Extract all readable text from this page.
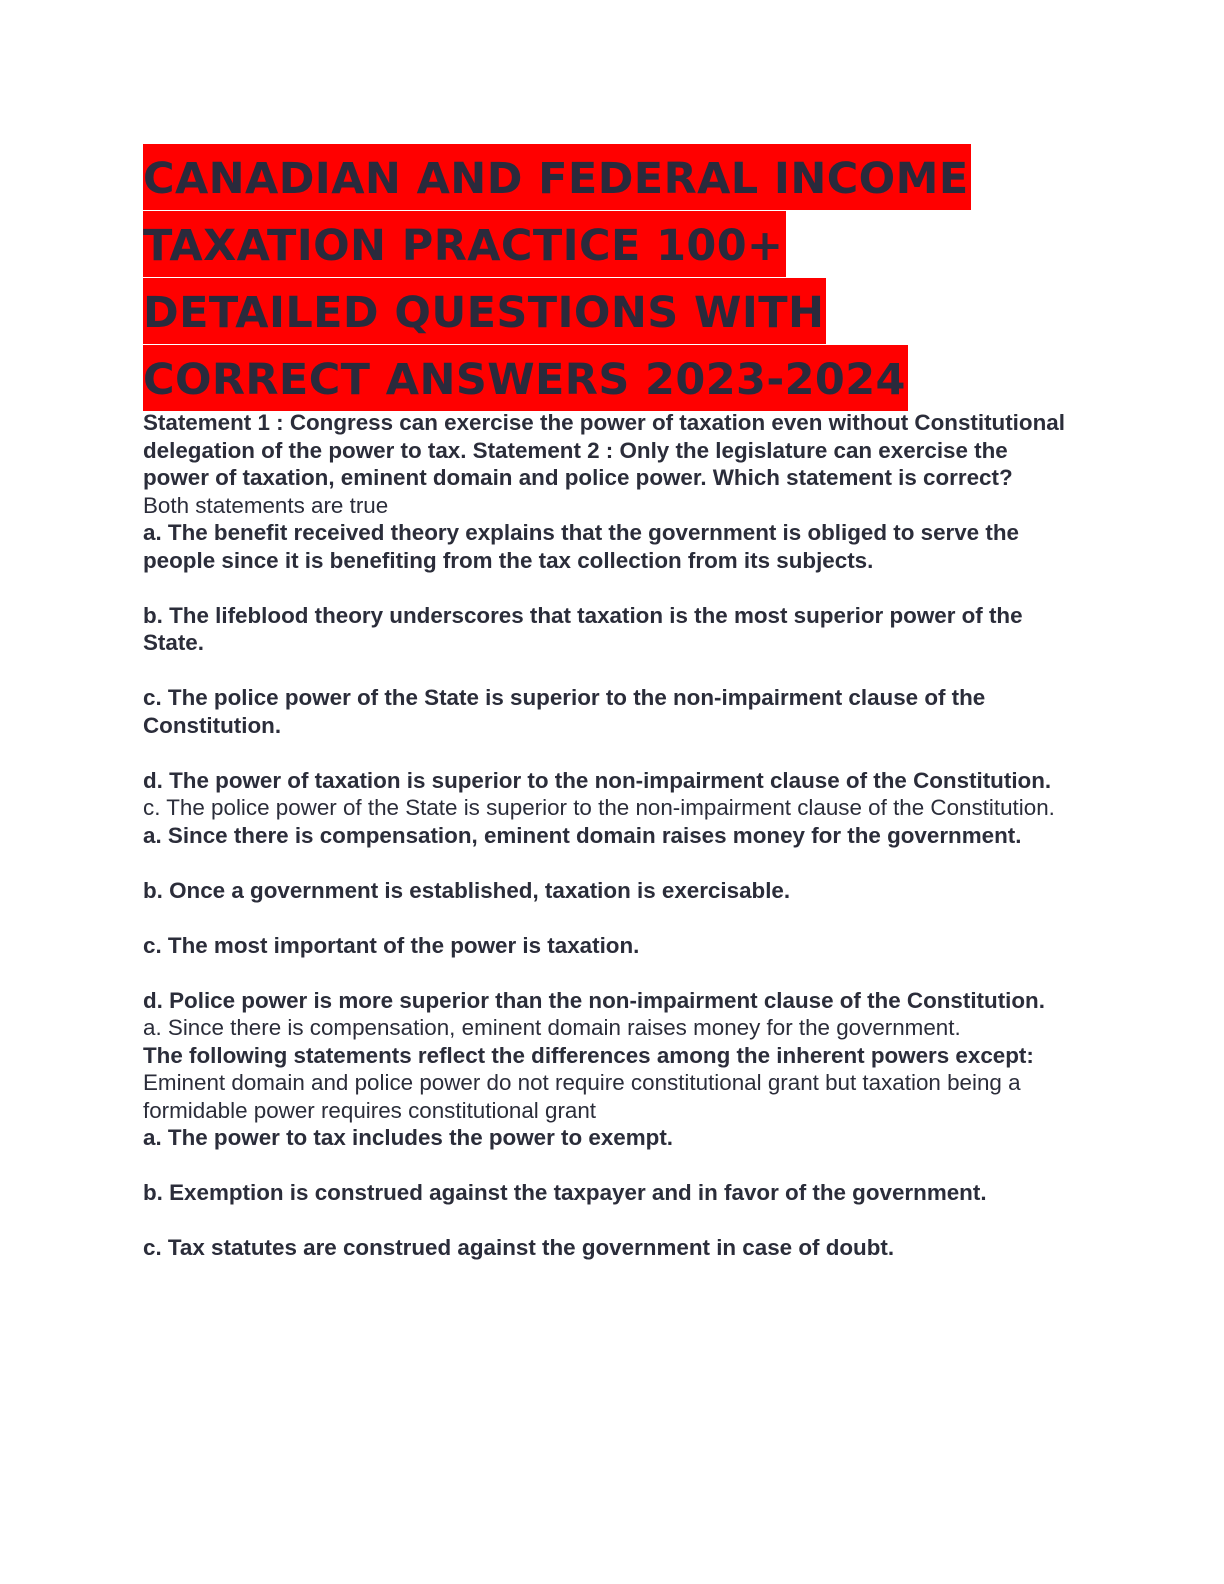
CANADIAN AND FEDERAL INCOME
TAXATION PRACTICE 100+
DETAILED QUESTIONS WITH
CORRECT ANSWERS 2023-2024

Statement 1 : Congress can exercise the power of taxation even without Constitutional delegation of the power to tax. Statement 2 : Only the legislature can exercise the power of taxation, eminent domain and police power. Which statement is correct?

Both statements are true

a. The benefit received theory explains that the government is obliged to serve the people since it is benefiting from the tax collection from its subjects.

b. The lifeblood theory underscores that taxation is the most superior power of the State.

c. The police power of the State is superior to the non-impairment clause of the Constitution.

d. The power of taxation is superior to the non-impairment clause of the Constitution.

c. The police power of the State is superior to the non-impairment clause of the Constitution.

a. Since there is compensation, eminent domain raises money for the government.

b. Once a government is established, taxation is exercisable.

c. The most important of the power is taxation.

d. Police power is more superior than the non-impairment clause of the Constitution.

a. Since there is compensation, eminent domain raises money for the government.

The following statements reflect the differences among the inherent powers except:

Eminent domain and police power do not require constitutional grant but taxation being a formidable power requires constitutional grant

a. The power to tax includes the power to exempt.

b. Exemption is construed against the taxpayer and in favor of the government.

c. Tax statutes are construed against the government in case of doubt.
